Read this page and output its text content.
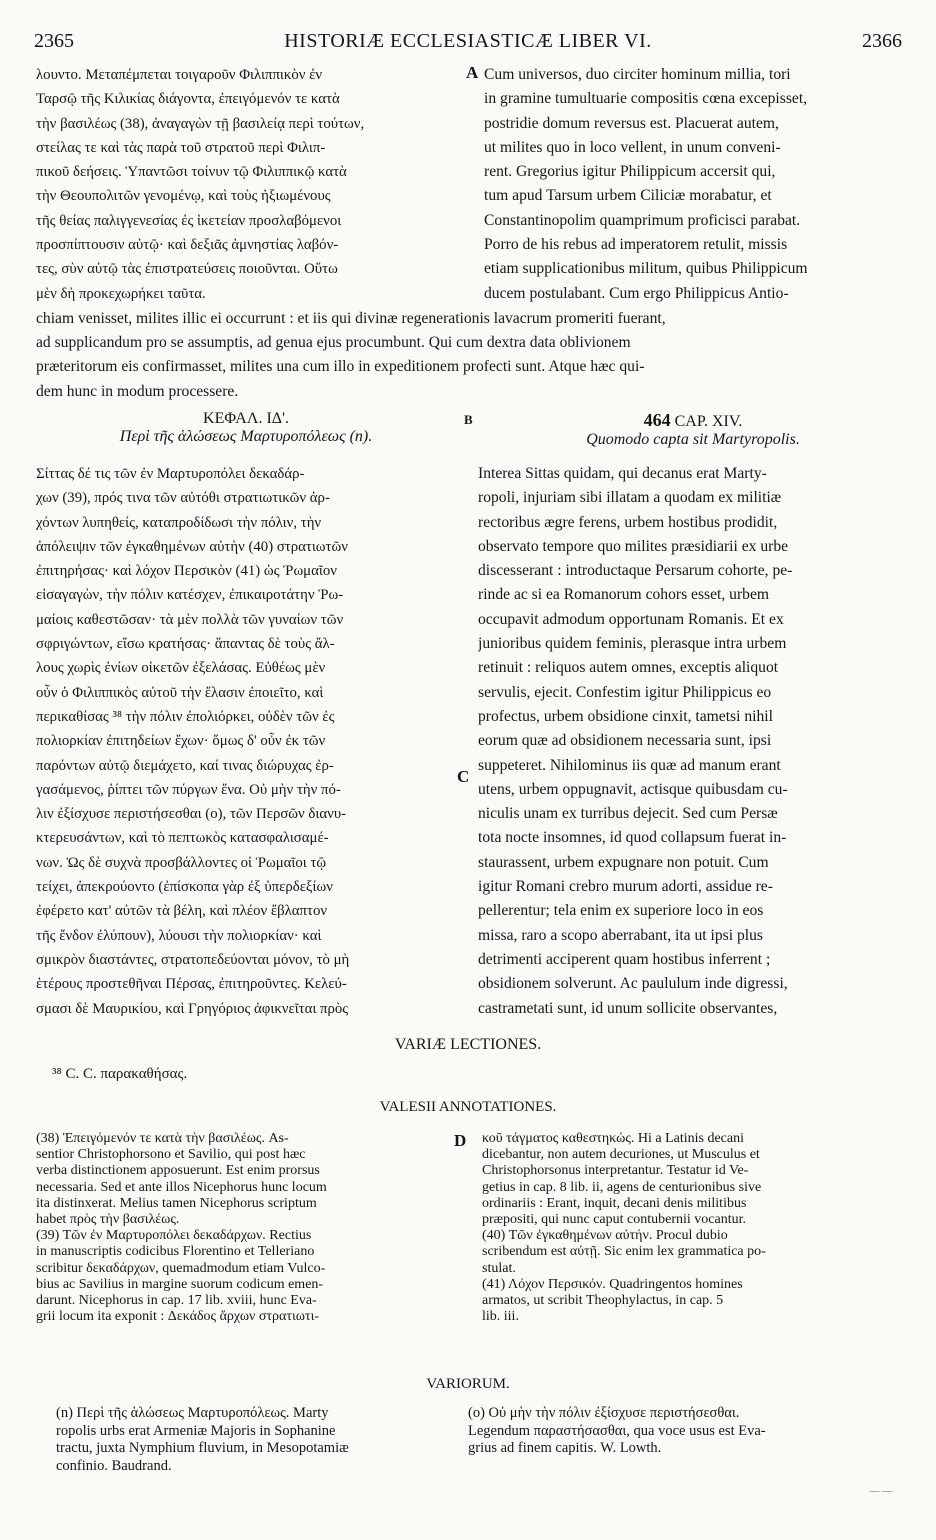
2365	HISTORIÆ ECCLESIASTICÆ LIBER VI.	2366
A
B
C
D
λουντο. Μεταπέμπεται τοιγαροῦν Φιλιππικὸν ἐν
Ταρσῷ τῆς Κιλικίας διάγοντα, ἐπειγόμενόν τε κατὰ
τὴν βασιλέως (38), ἀναγαγὼν τῇ βασιλείᾳ περὶ τούτων,
στείλας τε καὶ τὰς παρὰ τοῦ στρατοῦ περὶ Φιλιπ-
πικοῦ δεήσεις. Ὑπαντῶσι τοίνυν τῷ Φιλιππικῷ κατὰ
τὴν Θεουπολιτῶν γενομένῳ, καὶ τοὺς ἠξιωμένους
τῆς θείας παλιγγενεσίας ἐς ἱκετείαν προσλαβόμενοι
προσπίπτουσιν αὐτῷ· καὶ δεξιᾶς ἀμνηστίας λαβόν-
τες, σὺν αὐτῷ τὰς ἐπιστρατεύσεις ποιοῦνται. Οὕτω
μὲν δὴ προκεχωρήκει ταῦτα.
Cum universos, duo circiter hominum millia, tori
in gramine tumultuarie compositis cœna excepisset,
postridie domum reversus est. Placuerat autem,
ut milites quo in loco vellent, in unum conveni-
rent. Gregorius igitur Philippicum accersit qui,
tum apud Tarsum urbem Ciliciæ morabatur, et
Constantinopolim quamprimum proficisci parabat.
Porro de his rebus ad imperatorem retulit, missis
etiam supplicationibus militum, quibus Philippicum
ducem postulabant. Cum ergo Philippicus Antio-
chiam venisset, milites illic ei occurrunt : et iis qui divinæ regenerationis lavacrum promeriti fuerant,
ad supplicandum pro se assumptis, ad genua ejus procumbunt. Qui cum dextra data oblivionem
præteritorum eis confirmasset, milites una cum illo in expeditionem profecti sunt. Atque hæc qui-
dem hunc in modum processere.
ΚΕΦΑΛ. ΙΔ'.
Περὶ τῆς ἁλώσεως Μαρτυροπόλεως (n).
464 CAP. XIV.
Quomodo capta sit Martyropolis.
Σίττας δέ τις τῶν ἐν Μαρτυροπόλει δεκαδάρ-
χων (39), πρός τινα τῶν αὐτόθι στρατιωτικῶν ἀρ-
χόντων λυπηθείς, καταπροδίδωσι τὴν πόλιν, τὴν
ἀπόλειψιν τῶν ἐγκαθημένων αὐτὴν (40) στρατιωτῶν
ἐπιτηρήσας· καὶ λόχον Περσικὸν (41) ὡς Ῥωμαῖον
εἰσαγαγὼν, τὴν πόλιν κατέσχεν, ἐπικαιροτάτην Ῥω-
μαίοις καθεστῶσαν· τὰ μὲν πολλὰ τῶν γυναίων τῶν
σφριγώντων, εἴσω κρατήσας· ἅπαντας δὲ τοὺς ἄλ-
λους χωρὶς ἐνίων οἰκετῶν ἐξελάσας. Εὐθέως μὲν
οὖν ὁ Φιλιππικὸς αὐτοῦ τὴν ἔλασιν ἐποιεῖτο, καὶ
περικαθίσας ³⁸ τὴν πόλιν ἐπολιόρκει, οὐδὲν τῶν ἐς
πολιορκίαν ἐπιτηδείων ἔχων· ὅμως δ' οὖν ἐκ τῶν
παρόντων αὐτῷ διεμάχετο, καί τινας διώρυχας ἐρ-
γασάμενος, ῥίπτει τῶν πύργων ἕνα. Οὐ μὴν τὴν πό-
λιν ἐξίσχυσε περιστήσεσθαι (o), τῶν Περσῶν διανυ-
κτερευσάντων, καὶ τὸ πεπτωκὸς κατασφαλισαμέ-
νων. Ὡς δὲ συχνὰ προσβάλλοντες οἱ Ῥωμαῖοι τῷ
τείχει, ἀπεκρούοντο (ἐπίσκοπα γὰρ ἐξ ὑπερδεξίων
ἐφέρετο κατ' αὐτῶν τὰ βέλη, καὶ πλέον ἔβλαπτον
τῆς ἔνδον ἐλύπουν), λύουσι τὴν πολιορκίαν· καὶ
σμικρὸν διαστάντες, στρατοπεδεύονται μόνον, τὸ μὴ
ἑτέρους προστεθῆναι Πέρσας, ἐπιτηροῦντες. Κελεύ-
σμασι δὲ Μαυρικίου, καὶ Γρηγόριος ἀφικνεῖται πρὸς
Interea Sittas quidam, qui decanus erat Marty-
ropoli, injuriam sibi illatam a quodam ex militiæ
rectoribus ægre ferens, urbem hostibus prodidit,
observato tempore quo milites præsidiarii ex urbe
discesserant : introductaque Persarum cohorte, pe-
rinde ac si ea Romanorum cohors esset, urbem
occupavit admodum opportunam Romanis. Et ex
junioribus quidem feminis, plerasque intra urbem
retinuit : reliquos autem omnes, exceptis aliquot
servulis, ejecit. Confestim igitur Philippicus eo
profectus, urbem obsidione cinxit, tametsi nihil
eorum quæ ad obsidionem necessaria sunt, ipsi
suppeteret. Nihilominus iis quæ ad manum erant
utens, urbem oppugnavit, actisque quibusdam cu-
niculis unam ex turribus dejecit. Sed cum Persæ
tota nocte insomnes, id quod collapsum fuerat in-
staurassent, urbem expugnare non potuit. Cum
igitur Romani crebro murum adorti, assidue re-
pellerentur; tela enim ex superiore loco in eos
missa, raro a scopo aberrabant, ita ut ipsi plus
detrimenti acciperent quam hostibus inferrent ;
obsidionem solverunt. Ac paululum inde digressi,
castrametati sunt, id unum sollicite observantes,
VARIÆ LECTIONES.
³⁸ C. C. παρακαθήσας.
VALESII ANNOTATIONES.
(38) Ἐπειγόμενόν τε κατὰ τὴν βασιλέως. As-
sentior Christophorsono et Savilio, qui post hæc
verba distinctionem apposuerunt. Est enim prorsus
necessaria. Sed et ante illos Nicephorus hunc locum
ita distinxerat. Melius tamen Nicephorus scriptum
habet πρὸς τὴν βασιλέως.
(39) Τῶν ἐν Μαρτυροπόλει δεκαδάρχων. Rectius
in manuscriptis codicibus Florentino et Telleriano
scribitur δεκαδάρχων, quemadmodum etiam Vulco-
bius ac Savilius in margine suorum codicum emen-
darunt. Nicephorus in cap. 17 lib. xviii, hunc Eva-
grii locum ita exponit : Δεκάδος ἄρχων στρατιωτι-
κοῦ τάγματος καθεστηκώς. Hi a Latinis decani
dicebantur, non autem decuriones, ut Musculus et
Christophorsonus interpretantur. Testatur id Ve-
getius in cap. 8 lib. ii, agens de centurionibus sive
ordinariis : Erant, inquit, decani denis militibus
præpositi, qui nunc caput contubernii vocantur.
(40) Τῶν ἐγκαθημένων αὐτήν. Procul dubio
scribendum est αὐτῇ. Sic enim lex grammatica po-
stulat.
(41) Λόχον Περσικόν. Quadringentos homines
armatos, ut scribit Theophylactus, in cap. 5
lib. iii.
VARIORUM.
(n) Περὶ τῆς ἁλώσεως Μαρτυροπόλεως. Marty
ropolis urbs erat Armeniæ Majoris in Sophanine
tractu, juxta Nymphium fluvium, in Mesopotamiæ
confinio. Baudrand.
(o) Οὐ μὴν τὴν πόλιν ἐξίσχυσε περιστήσεσθαι.
Legendum παραστήσασθαι, qua voce usus est Eva-
grius ad finem capitis. W. Lowth.
— —
